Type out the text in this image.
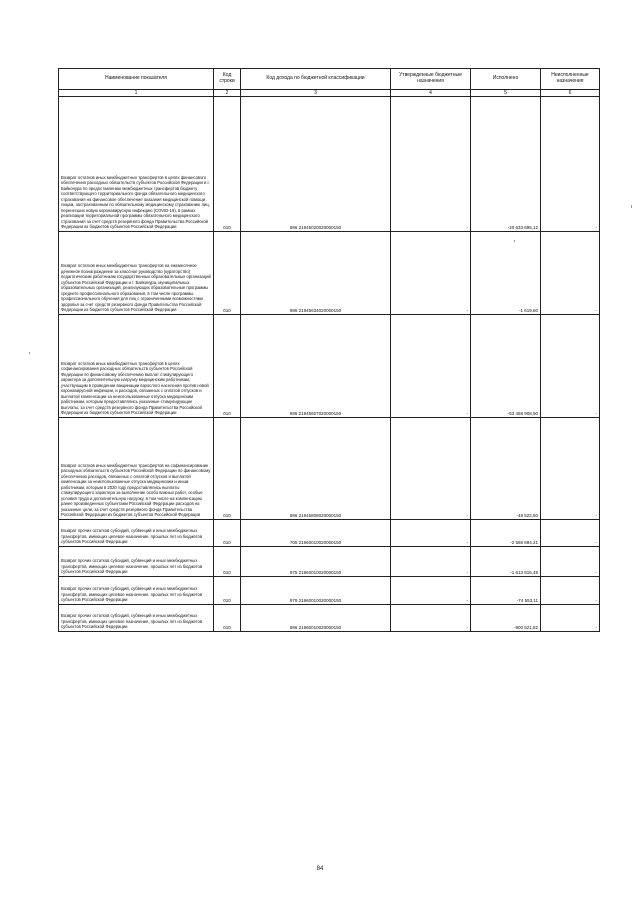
Наименование показателя	Код строки	Код дохода по бюджетной классификации	Утвержденные бюджетные назначения	Исполнено	Неисполненные назначения
1	2	3	4	5	6
Возврат остатков иных межбюджетных трансфертов в целях финансового обеспечения расходных обязательств субъектов Российской Федерации и г. Байконура по предоставлению межбюджетных трансфертов бюджету соответствующего территориального фонда обязательного медицинского страхования на финансовое обеспечение оказания медицинской помощи лицам, застрахованным по обязательному медицинскому страхованию лиц, перенесших новую коронавирусную инфекцию (COVID-19), в рамках реализации территориальной программы обязательного медицинского страхования за счет средств резервного фонда Правительства Российской Федерации из бюджетов субъектов Российской Федерации	010	986 21945020020000150	-	-20 633 695,12	-
Возврат остатков иных межбюджетных трансфертов на ежемесячное денежное вознаграждение за классное руководство (кураторство) педагогическим работникам государственных образовательных организаций субъектов Российской Федерации и г. Байконура, муниципальных образовательных организаций, реализующих образовательные программы среднего профессионального образования, в том числе программы профессионального обучения для лиц с ограниченными возможностями здоровья за счет средств резервного фонда Правительства Российской Федерации из бюджетов субъектов Российской Федерации	010	986 21945634020000150	-	-1 619,60	-
Возврат остатков иных межбюджетных трансфертов в целях софинансирования расходных обязательств субъектов Российской Федерации по финансовому обеспечению выплат стимулирующего характера за дополнительную нагрузку медицинским работникам, участвующим в проведении вакцинации взрослого населения против новой коронавирусной инфекции, и расходов, связанных с оплатой отпусков и выплатой компенсации за неиспользованные отпуска медицинским работникам, которым предоставлялись указанные стимулирующие выплаты, за счет средств резервного фонда Правительства Российской Федерации из бюджетов субъектов Российской Федерации	010	986 21945607020000150	-	-53 468 908,90	-
Возврат остатков иных межбюджетных трансфертов на софинансирование расходных обязательств субъектов Российской Федерации по финансовому обеспечению расходов, связанных с оплатой отпусков и выплатой компенсации за неиспользованные отпуска медицинским и иным работникам, которым в 2020 году предоставлялись выплаты стимулирующего характера за выполнение особо важных работ, особые условия труда и дополнительную нагрузку, в том числе на компенсацию ранее произведенных субъектами Российской Федерации расходов на указанные цели, за счет средств резервного фонда Правительства Российской Федерации из бюджетов субъектов Российской Федерации	010	986 21945808020000150	-	-49 522,50	-
Возврат прочих остатков субсидий, субвенций и иных межбюджетных трансфертов, имеющих целевое назначение, прошлых лет из бюджетов субъектов Российской Федерации	010	705 21960010020000150	-	-2 588 894,21	-
Возврат прочих остатков субсидий, субвенций и иных межбюджетных трансфертов, имеющих целевое назначение, прошлых лет из бюджетов субъектов Российской Федерации	010	975 21960010020000150	-	-1 613 816,45	-
Возврат прочих остатков субсидий, субвенций и иных межбюджетных трансфертов, имеющих целевое назначение, прошлых лет из бюджетов субъектов Российской Федерации	010	979 21960010020000150	-	-74 553,11	-
Возврат прочих остатков субсидий, субвенций и иных межбюджетных трансфертов, имеющих целевое назначение, прошлых лет из бюджетов субъектов Российской Федерации	010	986 21960010020000150	-	-900 521,82	-
84
